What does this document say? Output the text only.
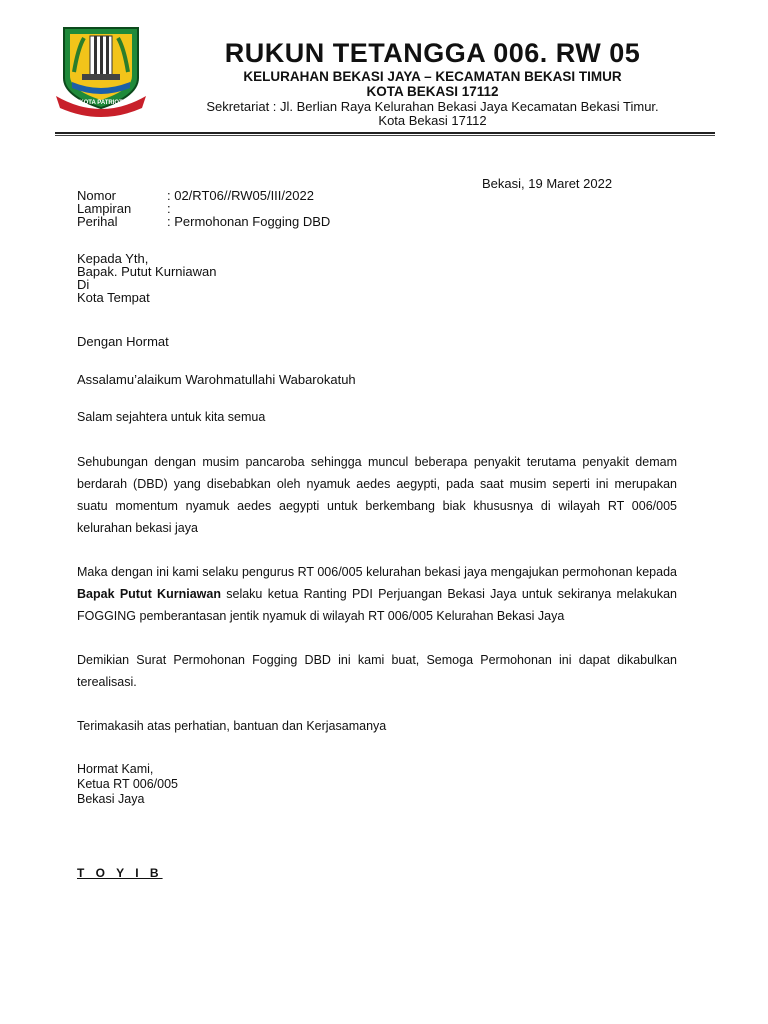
KOTA PATRIOT
RUKUN TETANGGA 006. RW 05
KELURAHAN BEKASI JAYA – KECAMATAN BEKASI TIMUR
KOTA BEKASI 17112
Sekretariat : Jl. Berlian Raya Kelurahan Bekasi Jaya Kecamatan Bekasi Timur.
Kota Bekasi 17112
Bekasi, 19 Maret 2022
Nomor	: 02/RT06//RW05/III/2022
Lampiran	:
Perihal	: Permohonan Fogging DBD
Kepada Yth,
Bapak. Putut Kurniawan
Di
Kota Tempat
Dengan Hormat
Assalamu’alaikum Warohmatullahi Wabarokatuh
Salam sejahtera untuk kita semua
Sehubungan dengan musim pancaroba sehingga muncul beberapa penyakit terutama penyakit demam berdarah (DBD) yang disebabkan oleh nyamuk aedes aegypti, pada saat musim seperti ini merupakan suatu momentum nyamuk aedes aegypti untuk berkembang biak khususnya di wilayah RT 006/005 kelurahan bekasi jaya
Maka dengan ini kami selaku pengurus RT 006/005 kelurahan bekasi jaya mengajukan permohonan kepada Bapak Putut Kurniawan selaku ketua Ranting PDI Perjuangan Bekasi Jaya untuk sekiranya melakukan FOGGING pemberantasan jentik nyamuk di wilayah RT 006/005 Kelurahan Bekasi Jaya
Demikian Surat Permohonan Fogging DBD ini kami buat, Semoga Permohonan ini dapat dikabulkan terealisasi.
Terimakasih atas perhatian, bantuan dan Kerjasamanya
Hormat Kami,
Ketua RT 006/005
Bekasi Jaya
T O Y I B
